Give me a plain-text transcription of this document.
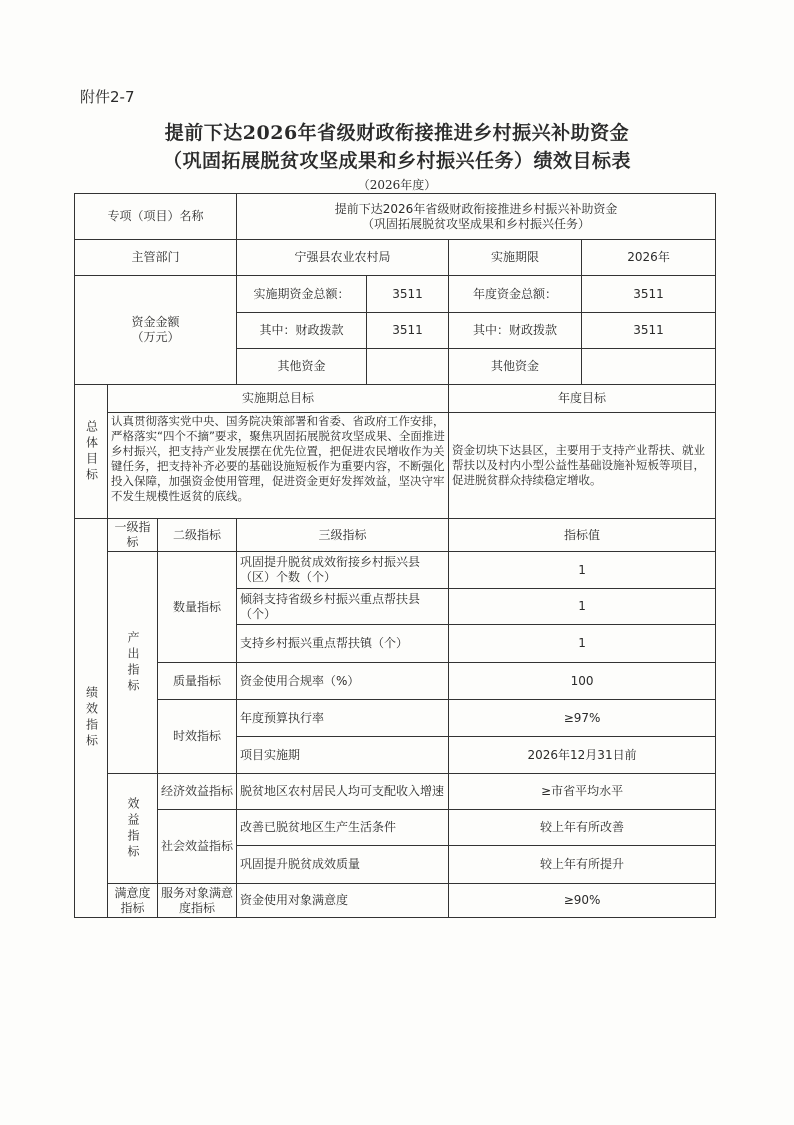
附件2-7
提前下达2026年省级财政衔接推进乡村振兴补助资金
（巩固拓展脱贫攻坚成果和乡村振兴任务）绩效目标表
（2026年度）
专项（项目）名称			提前下达2026年省级财政衔接推进乡村振兴补助资金
（巩固拓展脱贫攻坚成果和乡村振兴任务）			

主管部门			宁强县农业农村局		实施期限	2026年
资金金额
（万元）			实施期资金总额：	3511	年度资金总额：	3511
			其中：财政拨款	3511	其中：财政拨款	3511
			其他资金		其他资金	

总体目标	实施期总目标				年度目标	

	认真贯彻落实党中央、国务院决策部署和省委、省政府工作安排，严格落实“四个不摘”要求，聚焦巩固拓展脱贫攻坚成果、全面推进乡村振兴，把支持产业发展摆在优先位置，把促进农民增收作为关键任务，把支持补齐必要的基础设施短板作为重要内容，不断强化投入保障，加强资金使用管理，促进资金更好发挥效益，坚决守牢不发生规模性返贫的底线。				资金切块下达县区，主要用于支持产业帮扶、就业帮扶以及村内小型公益性基础设施补短板等项目，促进脱贫群众持续稳定增收。	

绩效指标	一级指标	二级指标	三级指标		指标值	

	产出指标	数量指标	巩固提升脱贫成效衔接乡村振兴县（区）个数（个）		1	
			倾斜支持省级乡村振兴重点帮扶县（个）		1	
			支持乡村振兴重点帮扶镇（个）		1	
		质量指标	资金使用合规率（%）		100	
		时效指标	年度预算执行率		≥97%	
			项目实施期		2026年12月31日前	

	效益指标	经济效益指标	脱贫地区农村居民人均可支配收入增速		≥市省平均水平	
		社会效益指标	改善已脱贫地区生产生活条件		较上年有所改善	
			巩固提升脱贫成效质量		较上年有所提升	
	满意度指标	服务对象满意度指标	资金使用对象满意度		≥90%	
